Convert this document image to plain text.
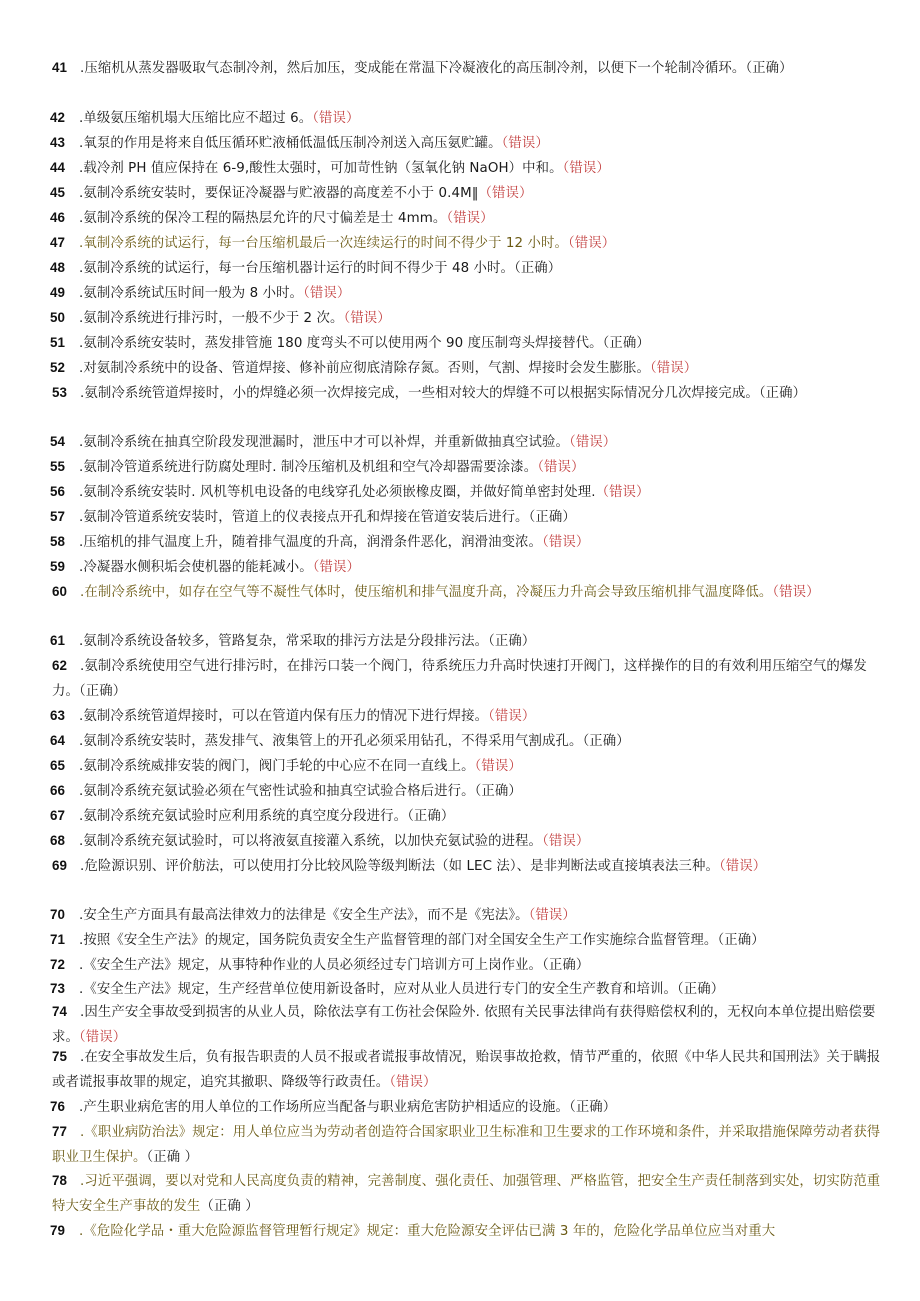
41 .压缩机从蒸发器吸取气态制冷剂，然后加压，变成能在常温下冷凝液化的高压制冷剂，以便下一个轮制冷循环。（正确）
42 .单级氨压缩机塌大压缩比应不超过 6。（错误）
43 .氧泵的作用是将来自低压循环贮液桶低温低压制冷剂送入高压氨贮罐。（错误）
44 .载冷剂 PH 值应保持在 6-9,酸性太强时，可加苛性钠（氢氧化钠 NaOH）中和。（错误）
45 .氨制冷系统安装时，要保证冷凝器与贮液器的高度差不小于 0.4M‖（错误）
46 .氨制冷系统的保冷工程的隔热层允许的尺寸偏差是士 4mm。（错误）
47 .氧制冷系统的试运行，每一台压缩机最后一次连续运行的时间不得少于 12 小时。（错误）
48 .氨制冷系统的试运行，每一台压缩机器计运行的时间不得少于 48 小时。（正确）
49 .氨制冷系统试压时间一般为 8 小时。（错误）
50 .氨制冷系统进行排污时，一般不少于 2 次。（错误）
51 .氨制冷系统安装时，蒸发排管施 180 度弯头不可以使用两个 90 度压制弯头焊接替代。（正确）
52 .对氨制冷系统中的设备、管道焊接、修补前应彻底清除存氮。否则，气割、焊接时会发生膨胀。（错误）
53 .氨制冷系统管道焊接时，小的焊缝必须一次焊接完成，一些相对较大的焊缝不可以根据实际情况分几次焊接完成。（正确）
54 .氨制冷系统在抽真空阶段发现泄漏时，泄压中才可以补焊，并重新做抽真空试验。（错误）
55 .氨制冷管道系统进行防腐处理时. 制冷压缩机及机组和空气冷却器需要涂漆。（错误）
56 .氨制冷系统安装时. 风机等机电设备的电线穿孔处必须嵌橡皮圈，并做好简单密封处理.（错误）
57 .氨制冷管道系统安装时，管道上的仪表接点开孔和焊接在管道安装后进行。（正确）
58 .压缩机的排气温度上升，随着排气温度的升高，润滑条件恶化，润滑油变浓。（错误）
59 .冷凝器水侧积垢会使机器的能耗减小。（错误）
60 .在制冷系统中，如存在空气等不凝性气体时，使压缩机和排气温度升高，冷凝压力升高会导致压缩机排气温度降低。（错误）
61 .氨制冷系统设备较多，管路复杂，常采取的排污方法是分段排污法。（正确）
62 .氨制冷系统使用空气进行排污时，在排污口装一个阀门，待系统压力升高时快速打开阀门，这样操作的目的有效利用压缩空气的爆发力。（正确）
63 .氨制冷系统管道焊接时，可以在管道内保有压力的情况下进行焊接。（错误）
64 .氨制冷系统安装时，蒸发排气、液集管上的开孔必须采用钻孔，不得采用气割成孔。（正确）
65 .氨制冷系统威排安装的阀门，阀门手轮的中心应不在同一直线上。（错误）
66 .氨制冷系统充氨试验必须在气密性试验和抽真空试验合格后进行。（正确）
67 .氨制冷系统充氨试验时应利用系统的真空度分段进行。（正确）
68 .氨制冷系统充氨试验时，可以将液氨直接灌入系统，以加快充氨试验的进程。（错误）
69 .危险源识别、评价舫法，可以使用打分比较风险等级判断法（如 LEC 法）、是非判断法或直接填表法三种。（错误）
70 .安全生产方面具有最高法律效力的法律是《安全生产法》，而不是《宪法》。（错误）
71 .按照《安全生产法》的规定，国务院负责安全生产监督管理的部门对全国安全生产工作实施综合监督管理。（正确）
72 .《安全生产法》规定，从事特种作业的人员必须经过专门培训方可上岗作业。（正确）
73 .《安全生产法》规定，生产经营单位使用新设备时，应对从业人员进行专门的安全生产教育和培训。（正确）
74 .因生产安全事故受到损害的从业人员，除依法享有工伤社会保险外. 依照有关民事法律尚有获得赔偿权利的，无权向本单位提出赔偿要求。（错误）
75 .在安全事故发生后，负有报告职责的人员不报或者谎报事故情况，贻误事故抢救，情节严重的，依照《中华人民共和国刑法》关于瞒报或者谎报事故罪的规定，追究其撤职、降级等行政责任。（错误）
76 .产生职业病危害的用人单位的工作场所应当配备与职业病危害防护相适应的设施。（正确）
77 .《职业病防治法》规定：用人单位应当为劳动者创造符合国家职业卫生标准和卫生要求的工作环境和条件，并采取措施保障劳动者获得职业卫生保护。（正确 ）
78 .习近平强调，要以对党和人民高度负责的精神，完善制度、强化责任、加强管理、严格监管，把安全生产责任制落到实处，切实防范重特大安全生产事故的发生（正确 ）
79 .《危险化学品・重大危险源监督管理暂行规定》规定：重大危险源安全评估已满 3 年的，危险化学品单位应当对重大
